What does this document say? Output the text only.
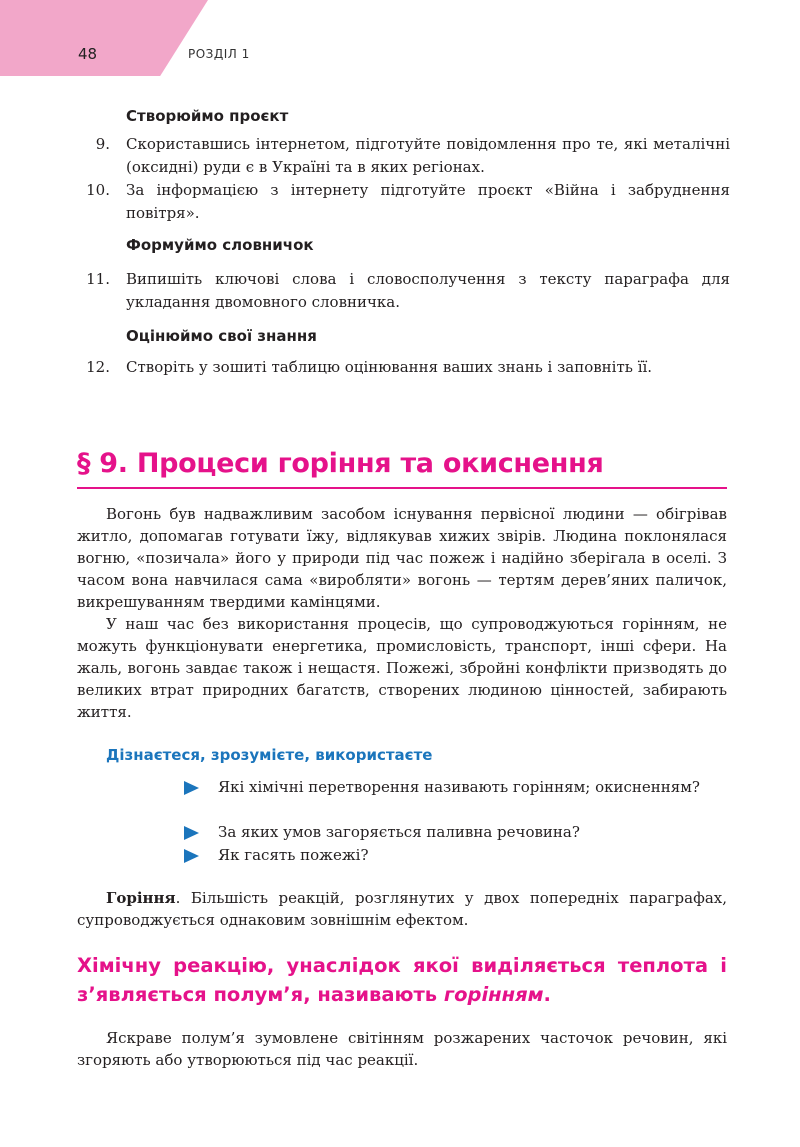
48	РОЗДІЛ 1
Створюймо проєкт
9. Скориставшись інтернетом, підготуйте повідомлення про те, які металічні (оксидні) руди є в Україні та в яких регіонах.
10. За інформацією з інтернету підготуйте проєкт «Війна і забруднення повітря».
Формуймо словничок
11. Випишіть ключові слова і словосполучення з тексту параграфа для укладання двомовного словничка.
Оцінюймо свої знання
12. Створіть у зошиті таблицю оцінювання ваших знань і заповніть її.
§ 9. Процеси горіння та окиснення
Вогонь був надважливим засобом існування первісної людини — обігрівав житло, допомагав готувати їжу, відлякував хижих звірів. Людина поклонялася вогню, «позичала» його у природи під час пожеж і надійно зберігала в оселі. З часом вона навчилася сама «виробляти» вогонь — тертям дерев’яних паличок, викрешуванням твердими камінцями.
У наш час без використання процесів, що супроводжуються горінням, не можуть функціонувати енергетика, промисловість, транспорт, інші сфери. На жаль, вогонь завдає також і нещастя. Пожежі, збройні конфлікти призводять до великих втрат природних багатств, створених людиною цінностей, забирають життя.
Дізнаєтеся, зрозумієте, використаєте
Які хімічні перетворення називають горінням; окисненням?
За яких умов загоряється паливна речовина?
Як гасять пожежі?
Горіння. Більшість реакцій, розглянутих у двох попередніх параграфах, супроводжується однаковим зовнішнім ефектом.
Хімічну реакцію, унаслідок якої виділяється теплота і з’являється полум’я, називають горінням.
Яскраве полум’я зумовлене світінням розжарених часточок речовин, які згоряють або утворюються під час реакції.
